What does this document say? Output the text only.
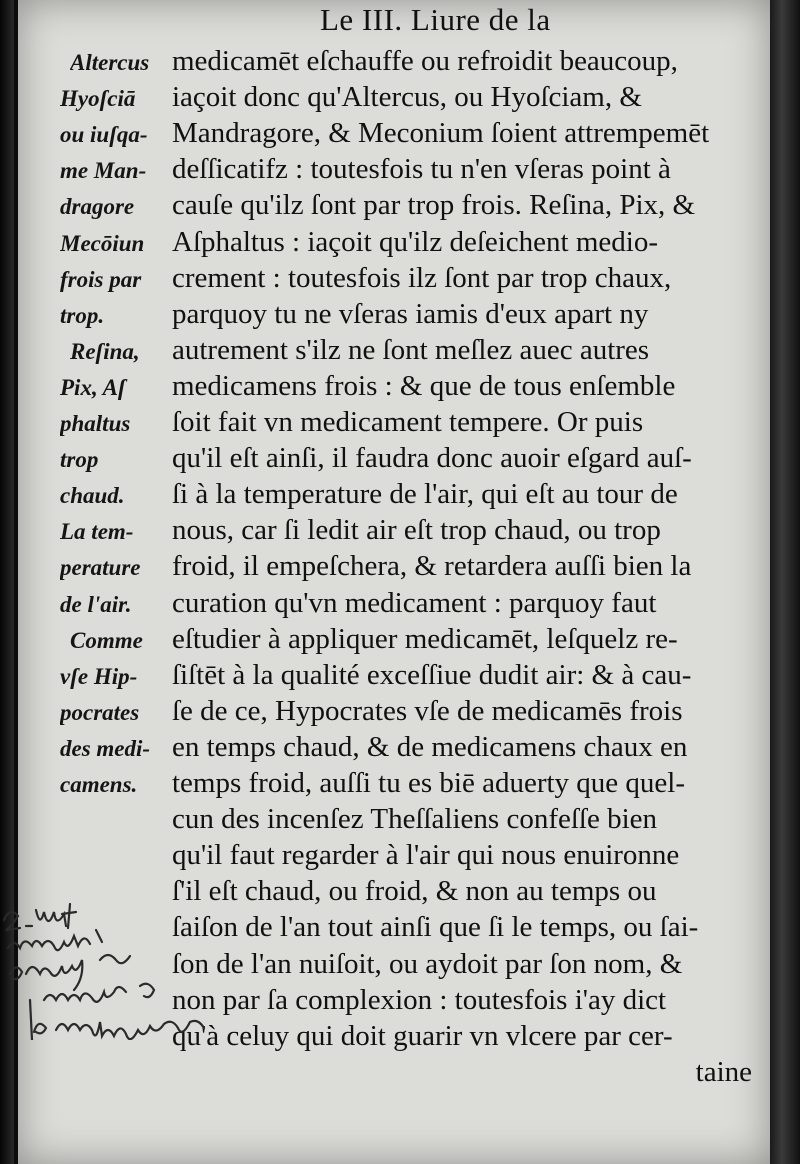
Le III. Liure de la
medicamēt eſchauffe ou refroidit beaucoup,
iaçoit donc qu'Altercus, ou Hyoſciam, &
Mandragore, & Meconium ſoient attrempemēt
deſſicatifz : toutesfois tu n'en vſeras point à
cauſe qu'ilz ſont par trop frois. Reſina, Pix, &
Aſphaltus : iaçoit qu'ilz deſeichent medio-
crement : toutesfois ilz ſont par trop chaux,
parquoy tu ne vſeras iamis d'eux apart ny
autrement s'ilz ne ſont meſlez auec autres
medicamens frois : & que de tous enſemble
ſoit fait vn medicament tempere. Or puis
qu'il eſt ainſi, il faudra donc auoir eſgard auſ-
ſi à la temperature de l'air, qui eſt au tour de
nous, car ſi ledit air eſt trop chaud, ou trop
froid, il empeſchera, & retardera auſſi bien la
curation qu'vn medicament : parquoy faut
eſtudier à appliquer medicamēt, leſquelz re-
ſiſtēt à la qualité exceſſiue dudit air: & à cau-
ſe de ce, Hypocrates vſe de medicamēs frois
en temps chaud, & de medicamens chaux en
temps froid, auſſi tu es biē aduerty que quel-
cun des incenſez Theſſaliens confeſſe bien
qu'il faut regarder à l'air qui nous enuironne
ſ'il eſt chaud, ou froid, & non au temps ou
ſaiſon de l'an tout ainſi que ſi le temps, ou ſai-
ſon de l'an nuiſoit, ou aydoit par ſon nom, &
non par ſa complexion : toutesfois i'ay dict
qu'à celuy qui doit guarir vn vlcere par cer-
taine
Altercus
Hyoſciā
ou iuſqa-
me Man-
dragore
Mecōiun
frois par
trop.
Reſina,
Pix, Aſ
phaltus
trop
chaud.
La tem-
perature
de l'air.
Comme
vſe Hip-
pocrates
des medi-
camens.
